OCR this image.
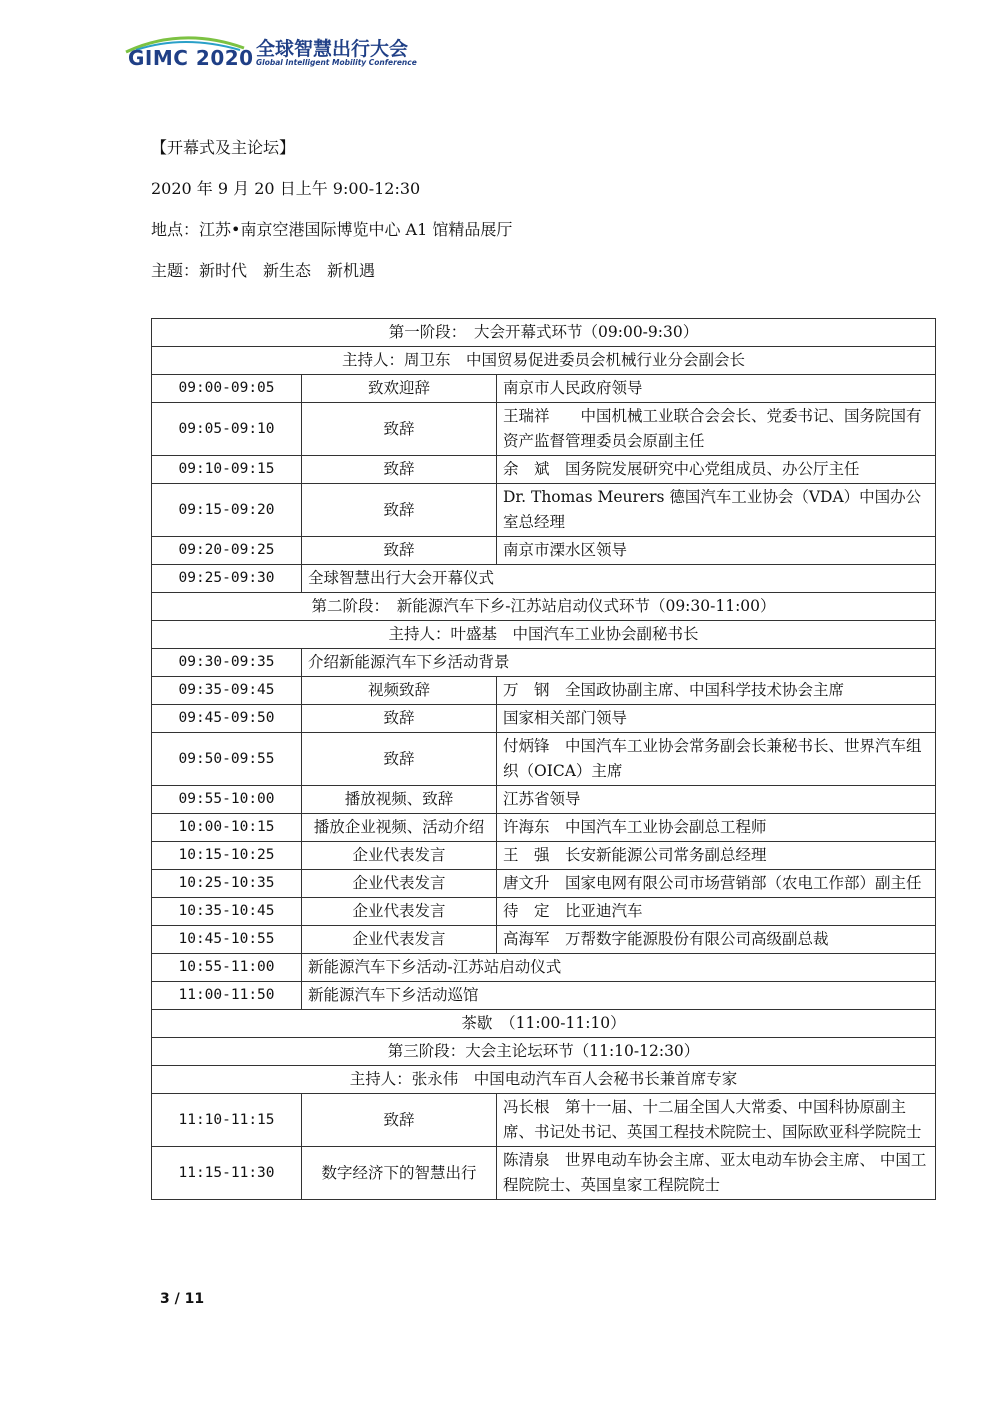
GIMC 2020 全球智慧出行大会
Global Intelligent Mobility Conference
【开幕式及主论坛】
2020 年 9 月 20 日上午 9:00-12:30
地点：江苏•南京空港国际博览中心 A1 馆精品展厅
主题：新时代　新生态　新机遇
第一阶段：　大会开幕式环节（09:00-9:30）		
主持人：周卫东　中国贸易促进委员会机械行业分会副会长		
09:00-09:05	致欢迎辞	南京市人民政府领导
09:05-09:10	致辞	王瑞祥　　中国机械工业联合会会长、党委书记、国务院国有资产监督管理委员会原副主任
09:10-09:15	致辞	余　斌　国务院发展研究中心党组成员、办公厅主任
09:15-09:20	致辞	Dr. Thomas Meurers 德国汽车工业协会（VDA）中国办公室总经理
09:20-09:25	致辞	南京市溧水区领导
09:25-09:30	全球智慧出行大会开幕仪式	
第二阶段：　新能源汽车下乡-江苏站启动仪式环节（09:30-11:00）		
主持人：叶盛基　中国汽车工业协会副秘书长		
09:30-09:35	介绍新能源汽车下乡活动背景	
09:35-09:45	视频致辞	万　钢　全国政协副主席、中国科学技术协会主席
09:45-09:50	致辞	国家相关部门领导
09:50-09:55	致辞	付炳锋　中国汽车工业协会常务副会长兼秘书长、世界汽车组织（OICA）主席
09:55-10:00	播放视频、致辞	江苏省领导
10:00-10:15	播放企业视频、活动介绍	许海东　中国汽车工业协会副总工程师
10:15-10:25	企业代表发言	王　强　长安新能源公司常务副总经理
10:25-10:35	企业代表发言	唐文升　国家电网有限公司市场营销部（农电工作部）副主任
10:35-10:45	企业代表发言	待　定　比亚迪汽车
10:45-10:55	企业代表发言	高海军　万帮数字能源股份有限公司高级副总裁
10:55-11:00	新能源汽车下乡活动-江苏站启动仪式	
11:00-11:50	新能源汽车下乡活动巡馆	
茶歇　（11:00-11:10）		
第三阶段：大会主论坛环节（11:10-12:30）		
主持人：张永伟　中国电动汽车百人会秘书长兼首席专家		
11:10-11:15	致辞	冯长根　第十一届、十二届全国人大常委、中国科协原副主席、书记处书记、英国工程技术院院士、国际欧亚科学院院士
11:15-11:30	数字经济下的智慧出行	陈清泉　世界电动车协会主席、亚太电动车协会主席、 中国工程院院士、英国皇家工程院院士
3 / 11
